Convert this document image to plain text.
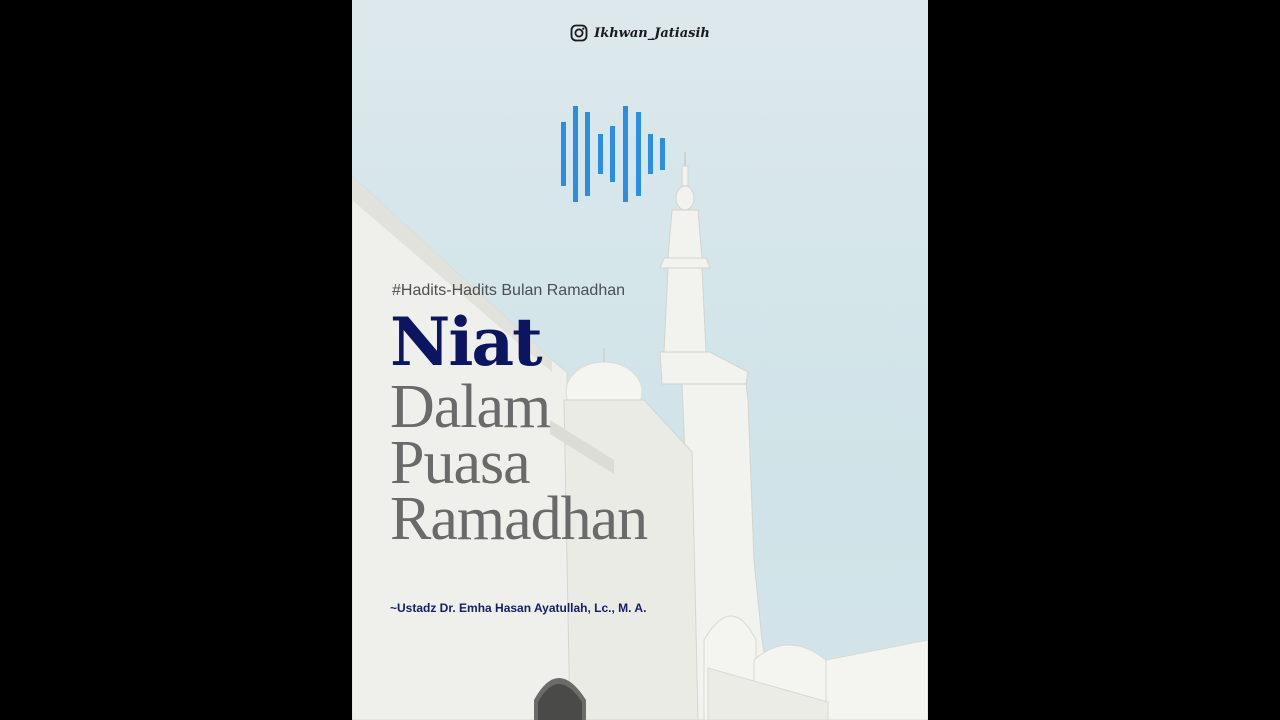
Ikhwan_Jatiasih
#Hadits-Hadits Bulan Ramadhan
Niat
Dalam
Puasa
Ramadhan
~Ustadz Dr. Emha Hasan Ayatullah, Lc., M. A.
